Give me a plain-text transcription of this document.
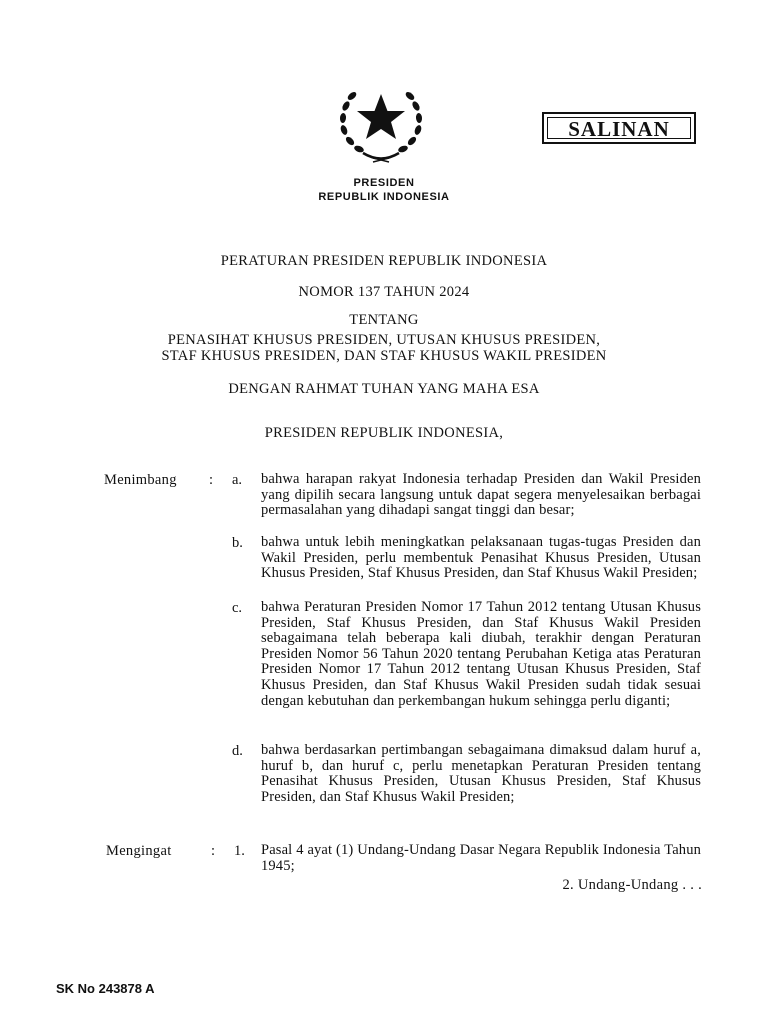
SALINAN
PRESIDEN
REPUBLIK INDONESIA
PERATURAN PRESIDEN REPUBLIK INDONESIA
NOMOR 137 TAHUN 2024
TENTANG
PENASIHAT KHUSUS PRESIDEN, UTUSAN KHUSUS PRESIDEN,
STAF KHUSUS PRESIDEN, DAN STAF KHUSUS WAKIL PRESIDEN
DENGAN RAHMAT TUHAN YANG MAHA ESA
PRESIDEN REPUBLIK INDONESIA,
Menimbang : a. bahwa harapan rakyat Indonesia terhadap Presiden dan Wakil Presiden yang dipilih secara langsung untuk dapat segera menyelesaikan berbagai permasalahan yang dihadapi sangat tinggi dan besar;
b. bahwa untuk lebih meningkatkan pelaksanaan tugas-tugas Presiden dan Wakil Presiden, perlu membentuk Penasihat Khusus Presiden, Utusan Khusus Presiden, Staf Khusus Presiden, dan Staf Khusus Wakil Presiden;
c. bahwa Peraturan Presiden Nomor 17 Tahun 2012 tentang Utusan Khusus Presiden, Staf Khusus Presiden, dan Staf Khusus Wakil Presiden sebagaimana telah beberapa kali diubah, terakhir dengan Peraturan Presiden Nomor 56 Tahun 2020 tentang Perubahan Ketiga atas Peraturan Presiden Nomor 17 Tahun 2012 tentang Utusan Khusus Presiden, Staf Khusus Presiden, dan Staf Khusus Wakil Presiden sudah tidak sesuai dengan kebutuhan dan perkembangan hukum sehingga perlu diganti;
d. bahwa berdasarkan pertimbangan sebagaimana dimaksud dalam huruf a, huruf b, dan huruf c, perlu menetapkan Peraturan Presiden tentang Penasihat Khusus Presiden, Utusan Khusus Presiden, Staf Khusus Presiden, dan Staf Khusus Wakil Presiden;
Mengingat	: 1. Pasal 4 ayat (1) Undang-Undang Dasar Negara Republik Indonesia Tahun 1945;
2. Undang-Undang . . .
SK No 243878 A
